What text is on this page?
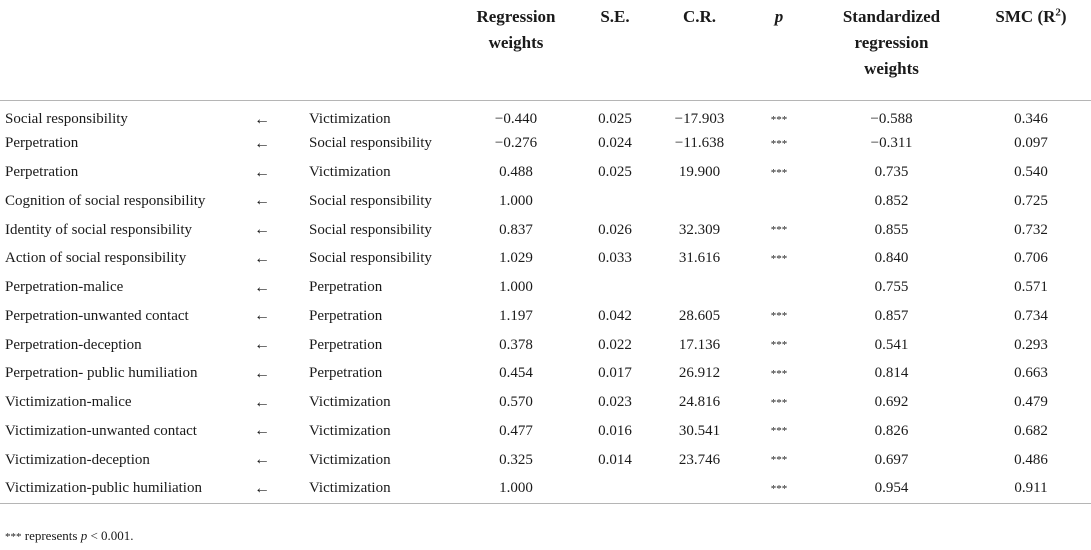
			Regression weights	S.E.	C.R.	p	Standardized regression weights	SMC $(R^2)$
Social responsibility	←	Victimization	−0.440	0.025	−17.903	***	−0.588	0.346
Perpetration	←	Social responsibility	−0.276	0.024	−11.638	***	−0.311	0.097
Perpetration	←	Victimization	0.488	0.025	19.900	***	0.735	0.540
Cognition of social responsibility	←	Social responsibility	1.000				0.852	0.725
Identity of social responsibility	←	Social responsibility	0.837	0.026	32.309	***	0.855	0.732
Action of social responsibility	←	Social responsibility	1.029	0.033	31.616	***	0.840	0.706
Perpetration-malice	←	Perpetration	1.000				0.755	0.571
Perpetration-unwanted contact	←	Perpetration	1.197	0.042	28.605	***	0.857	0.734
Perpetration-deception	←	Perpetration	0.378	0.022	17.136	***	0.541	0.293
Perpetration- public humiliation	←	Perpetration	0.454	0.017	26.912	***	0.814	0.663
Victimization-malice	←	Victimization	0.570	0.023	24.816	***	0.692	0.479
Victimization-unwanted contact	←	Victimization	0.477	0.016	30.541	***	0.826	0.682
Victimization-deception	←	Victimization	0.325	0.014	23.746	***	0.697	0.486
Victimization-public humiliation	←	Victimization	1.000			***	0.954	0.911
*** represents p < 0.001.
